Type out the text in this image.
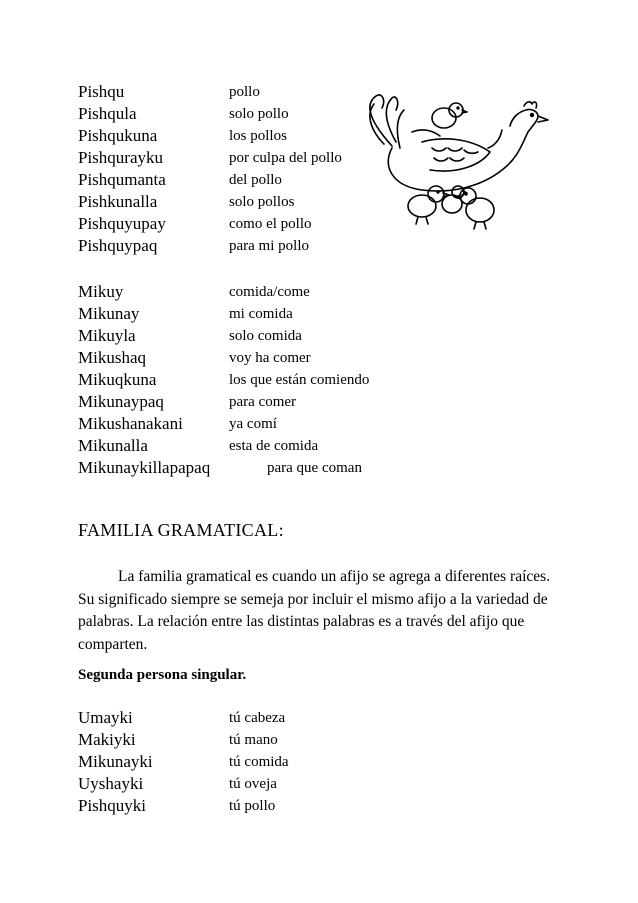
Pishqu	pollo
Pishqula	solo pollo
Pishqukuna	los pollos
Pishqurayku	por culpa del pollo
Pishqumanta	del pollo
Pishkunalla	solo pollos
Pishquyupay	como el pollo
Pishquypaq	para mi pollo
Mikuy	comida/come
Mikunay	mi comida
Mikuyla	solo comida
Mikushaq	voy ha comer
Mikuqkuna	los que están comiendo
Mikunaypaq	para comer
Mikushanakani	ya comí
Mikunalla	esta de comida
Mikunaykillapapaq	para que coman
FAMILIA GRAMATICAL:

La familia gramatical es cuando un afijo se agrega a diferentes raíces. Su significado siempre se semeja por incluir el mismo afijo a la variedad de palabras. La relación entre las distintas palabras es a través del afijo que comparten.

Segunda persona singular.
Umayki	tú cabeza
Makiyki	tú mano
Mikunayki	tú comida
Uyshayki	tú oveja
Pishquyki	tú pollo
